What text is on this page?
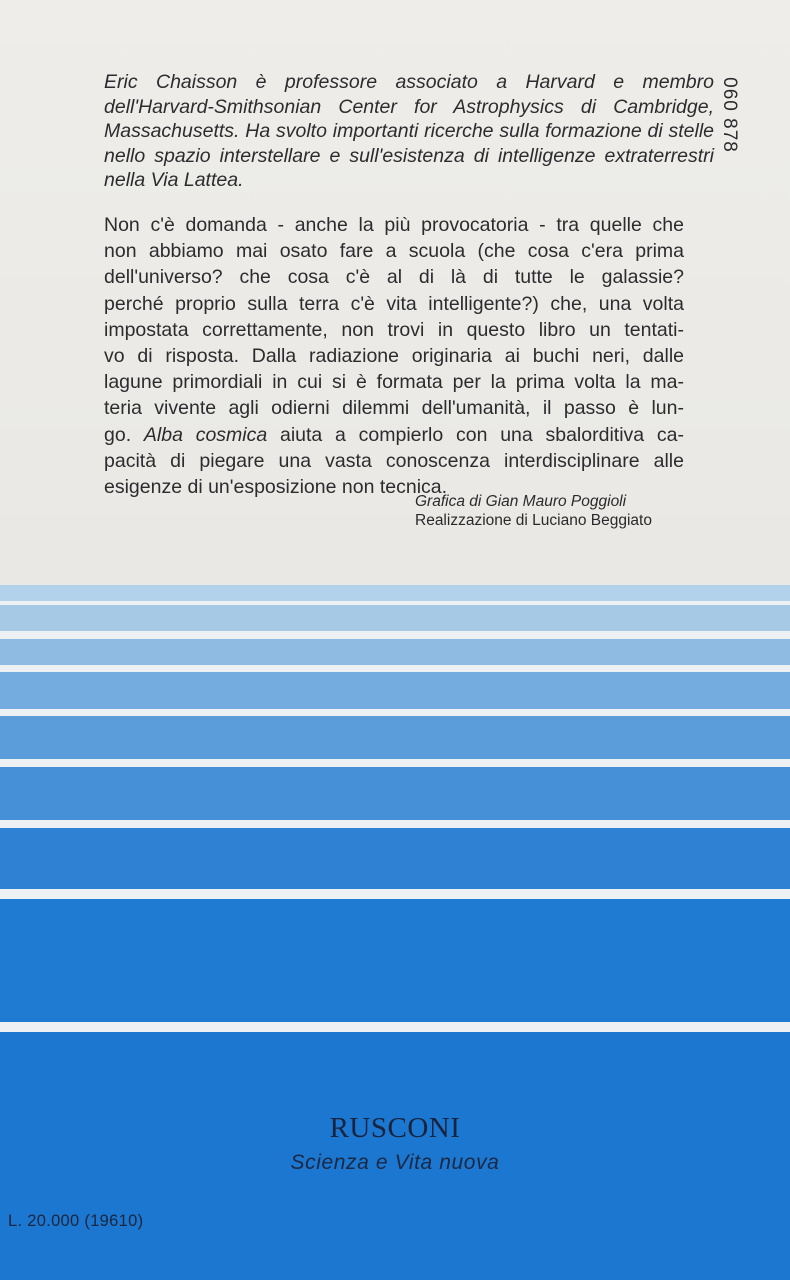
060 878
Eric Chaisson è professore associato a Harvard e membro dell'Harvard-Smithsonian Center for Astrophysics di Cambridge, Massachusetts. Ha svolto importanti ricerche sulla formazione di stelle nello spazio interstellare e sull'esistenza di intelligenze extraterrestri nella Via Lattea.

Non c'è domanda - anche la più provocatoria - tra quelle che
non abbiamo mai osato fare a scuola (che cosa c'era prima
dell'universo? che cosa c'è al di là di tutte le galassie?
perché proprio sulla terra c'è vita intelligente?) che, una volta
impostata correttamente, non trovi in questo libro un tentati-
vo di risposta. Dalla radiazione originaria ai buchi neri, dalle
lagune primordiali in cui si è formata per la prima volta la ma-
teria vivente agli odierni dilemmi dell'umanità, il passo è lun-
go. Alba cosmica aiuta a compierlo con una sbalorditiva ca-
pacità di piegare una vasta conoscenza interdisciplinare alle
esigenze di un'esposizione non tecnica.

Grafica di Gian Mauro Poggioli
Realizzazione di Luciano Beggiato
RUSCONI
Scienza e Vita nuova
L. 20.000 (19610)
